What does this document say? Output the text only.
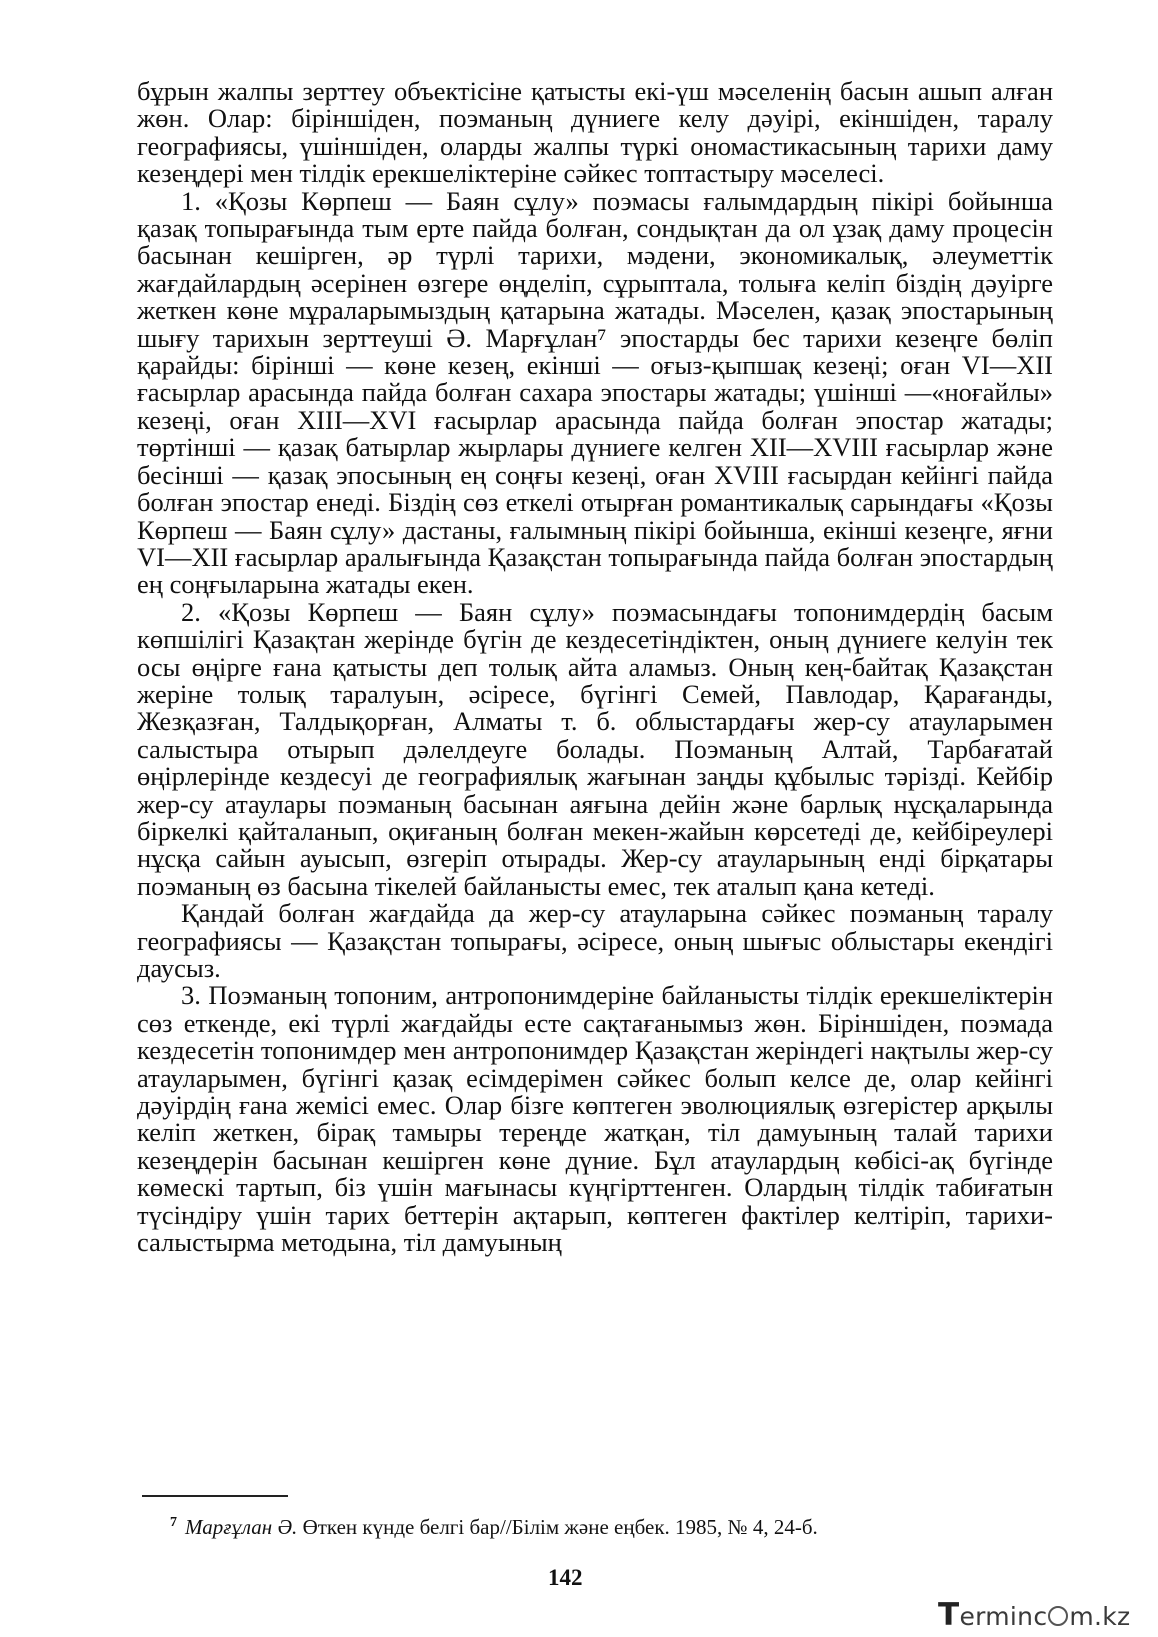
бұрын жалпы зерттеу объектісіне қатысты екі-үш мәселенің басын ашып алған жөн. Олар: біріншіден, поэманың дүниеге келу дәуірі, екіншіден, таралу географиясы, үшіншіден, оларды жалпы түркі ономастикасының тарихи даму кезеңдері мен тілдік ерекшеліктеріне сәйкес топтастыру мәселесі.

1. «Қозы Көрпеш — Баян сұлу» поэмасы ғалымдардың пікірі бойынша қазақ топырағында тым ерте пайда болған, сондықтан да ол ұзақ даму процесін басынан кешірген, әр түрлі тарихи, мәдени, экономикалық, әлеуметтік жағдайлардың әсерінен өзгере өңделіп, сұрыптала, толыға келіп біздің дәуірге жеткен көне мұраларымыздың қатарына жатады. Мәселен, қазақ эпостарының шығу тарихын зерттеуші Ә. Марғұлан⁷ эпостарды бес тарихи кезеңге бөліп қарайды: бірінші — көне кезең, екінші — оғыз-қыпшақ кезеңі; оған VI—XII ғасырлар арасында пайда болған сахара эпостары жатады; үшінші —«ноғайлы» кезеңі, оған XIII—XVI ғасырлар арасында пайда болған эпостар жатады; төртінші — қазақ батырлар жырлары дүниеге келген XII—XVIII ғасырлар және бесінші — қазақ эпосының ең соңғы кезеңі, оған XVIII ғасырдан кейінгі пайда болған эпостар енеді. Біздің сөз еткелі отырған романтикалық сарындағы «Қозы Көрпеш — Баян сұлу» дастаны, ғалымның пікірі бойынша, екінші кезеңге, яғни VI—XII ғасырлар аралығында Қазақстан топырағында пайда болған эпостардың ең соңғыларына жатады екен.

2. «Қозы Көрпеш — Баян сұлу» поэмасындағы топонимдердің басым көпшілігі Қазақтан жерінде бүгін де кездесетіндіктен, оның дүниеге келуін тек осы өңірге ғана қатысты деп толық айта аламыз. Оның кең-байтақ Қазақстан жеріне толық таралуын, әсіресе, бүгінгі Семей, Павлодар, Қарағанды, Жезқазған, Талдықорған, Алматы т. б. облыстардағы жер-су атауларымен салыстыра отырып дәлелдеуге болады. Поэманың Алтай, Тарбағатай өңірлерінде кездесуі де географиялық жағынан заңды құбылыс тәрізді. Кейбір жер-су атаулары поэманың басынан аяғына дейін және барлық нұсқаларында біркелкі қайталанып, оқиғаның болған мекен-жайын көрсетеді де, кейбіреулері нұсқа сайын ауысып, өзгеріп отырады. Жер-су атауларының енді бірқатары поэманың өз басына тікелей байланысты емес, тек аталып қана кетеді.

Қандай болған жағдайда да жер-су атауларына сәйкес поэманың таралу географиясы — Қазақстан топырағы, әсіресе, оның шығыс облыстары екендігі даусыз.

3. Поэманың топоним, антропонимдеріне байланысты тілдік ерекшеліктерін сөз еткенде, екі түрлі жағдайды есте сақтағанымыз жөн. Біріншіден, поэмада кездесетін топонимдер мен антропонимдер Қазақстан жеріндегі нақтылы жер-су атауларымен, бүгінгі қазақ есімдерімен сәйкес болып келсе де, олар кейінгі дәуірдің ғана жемісі емес. Олар бізге көптеген эволюциялық өзгерістер арқылы келіп жеткен, бірақ тамыры тереңде жатқан, тіл дамуының талай тарихи кезеңдерін басынан кешірген көне дүние. Бұл атаулардың көбісі-ақ бүгінде көмескі тартып, біз үшін мағынасы күңгірттенген. Олардың тілдік табиғатын түсіндіру үшін тарих беттерін ақтарып, көптеген фактілер келтіріп, тарихи-салыстырма методына, тіл дамуының

$^7$ Марғұлан Ә. Өткен күнде белгі бар//Білім және еңбек. 1985, № 4, 24-б.
142
Terminc m.kz
